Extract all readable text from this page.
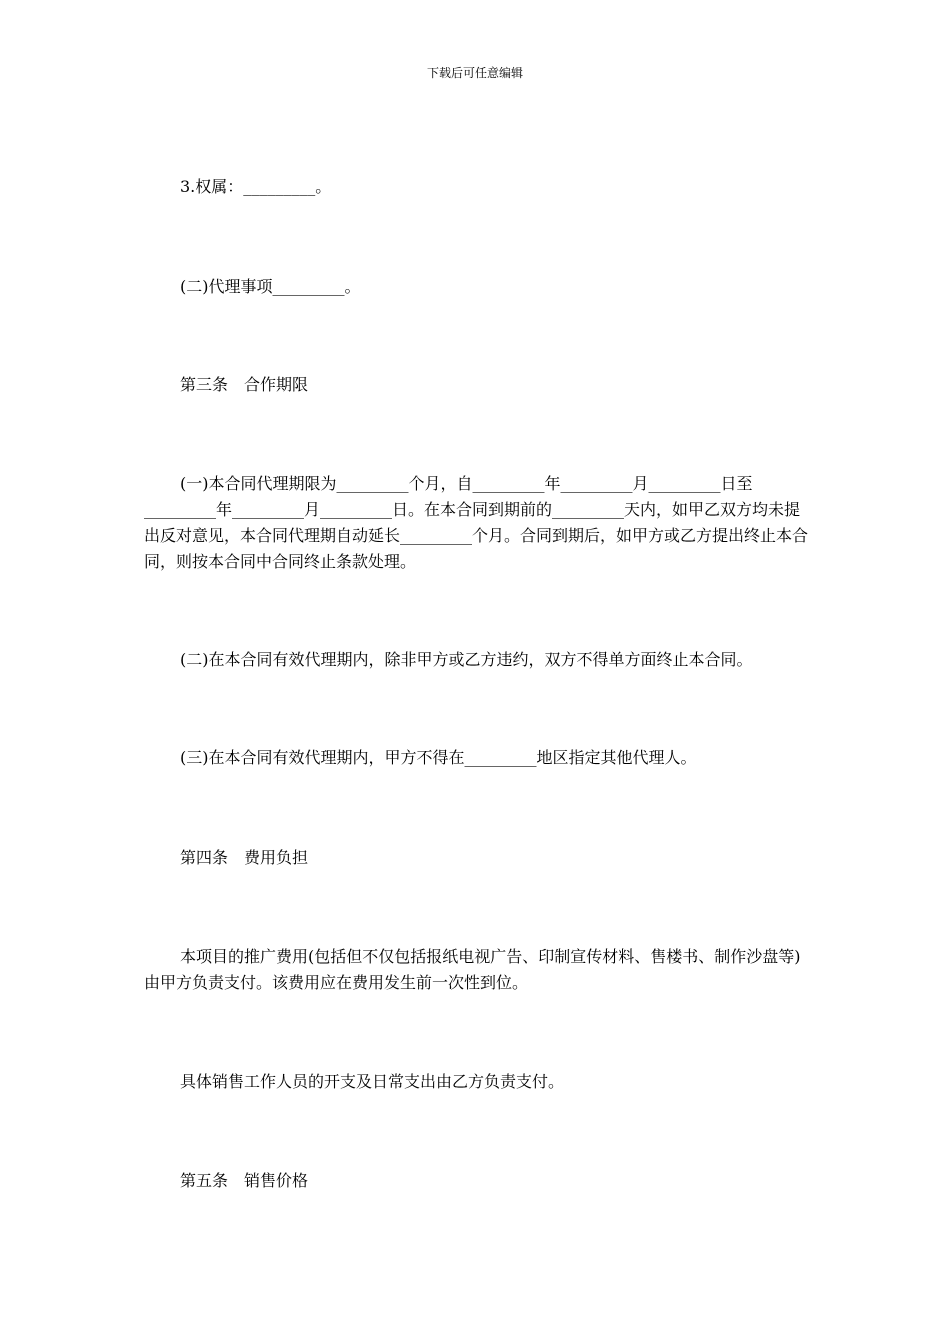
下载后可任意编辑

3.权属：_________。

(二)代理事项_________。

第三条　合作期限

(一)本合同代理期限为_________个月，自_________年_________月_________日至_________年_________月_________日。在本合同到期前的_________天内，如甲乙双方均未提出反对意见，本合同代理期自动延长_________个月。合同到期后，如甲方或乙方提出终止本合同，则按本合同中合同终止条款处理。

(二)在本合同有效代理期内，除非甲方或乙方违约，双方不得单方面终止本合同。

(三)在本合同有效代理期内，甲方不得在_________地区指定其他代理人。

第四条　费用负担

本项目的推广费用(包括但不仅包括报纸电视广告、印制宣传材料、售楼书、制作沙盘等)由甲方负责支付。该费用应在费用发生前一次性到位。

具体销售工作人员的开支及日常支出由乙方负责支付。

第五条　销售价格
